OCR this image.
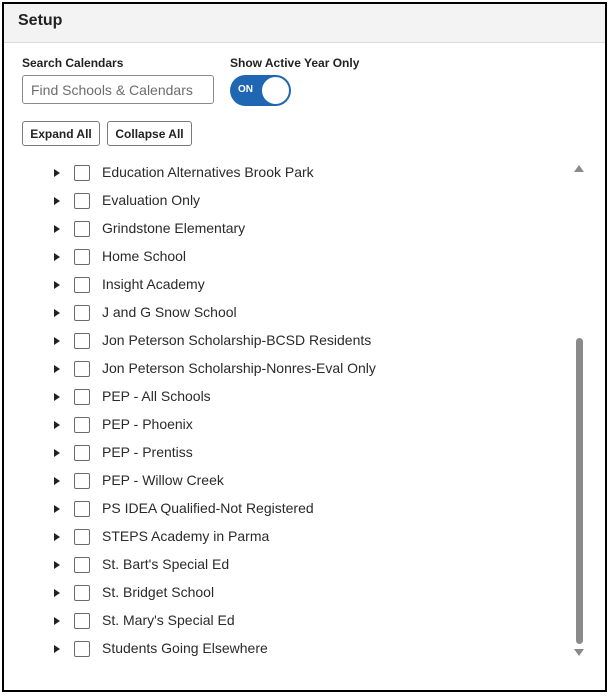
Setup
Search Calendars
Find Schools & Calendars	Show Active Year Only
ON
Expand All	Collapse All
Education Alternatives Brook Park
Evaluation Only
Grindstone Elementary
Home School
Insight Academy
J and G Snow School
Jon Peterson Scholarship-BCSD Residents
Jon Peterson Scholarship-Nonres-Eval Only
PEP - All Schools
PEP - Phoenix
PEP - Prentiss
PEP - Willow Creek
PS IDEA Qualified-Not Registered
STEPS Academy in Parma
St. Bart's Special Ed
St. Bridget School
St. Mary's Special Ed
Students Going Elsewhere
